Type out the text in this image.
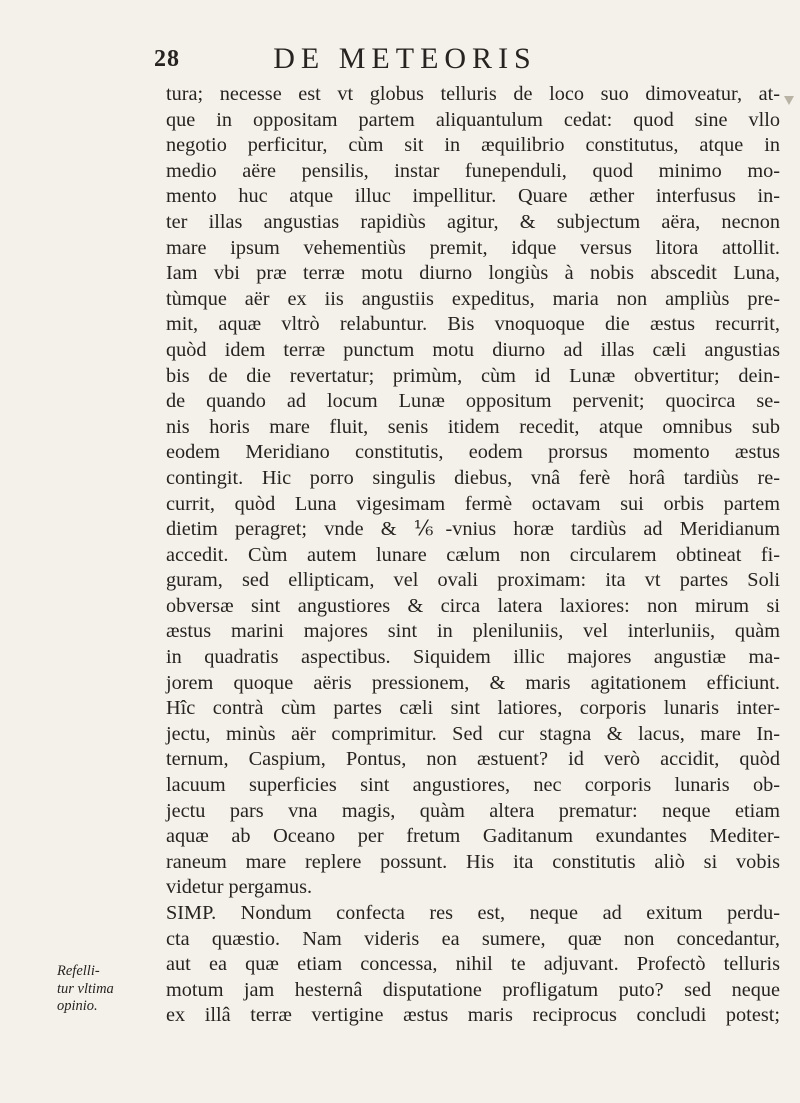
28	DE METEORIS
tura; necesse est vt globus telluris de loco suo dimoveatur, at-
que in oppositam partem aliquantulum cedat: quod sine vllo
negotio perficitur, cùm sit in æquilibrio constitutus, atque in
medio aëre pensilis, instar funependuli, quod minimo mo-
mento huc atque illuc impellitur. Quare æther interfusus in-
ter illas angustias rapidiùs agitur, & subjectum aëra, necnon
mare ipsum vehementiùs premit, idque versus litora attollit.
Iam vbi præ terræ motu diurno longiùs à nobis abscedit Luna,
tùmque aër ex iis angustiis expeditus, maria non ampliùs pre-
mit, aquæ vltrò relabuntur. Bis vnoquoque die æstus recurrit,
quòd idem terræ punctum motu diurno ad illas cæli angustias
bis de die revertatur; primùm, cùm id Lunæ obvertitur; dein-
de quando ad locum Lunæ oppositum pervenit; quocirca se-
nis horis mare fluit, senis itidem recedit, atque omnibus sub
eodem Meridiano constitutis, eodem prorsus momento æstus
contingit. Hic porro singulis diebus, vnâ ferè horâ tardiùs re-
currit, quòd Luna vigesimam fermè octavam sui orbis partem
dietim peragret; vnde & ⅙-vnius horæ tardiùs ad Meridianum
accedit. Cùm autem lunare cælum non circularem obtineat fi-
guram, sed ellipticam, vel ovali proximam: ita vt partes Soli
obversæ sint angustiores & circa latera laxiores: non mirum si
æstus marini majores sint in pleniluniis, vel interluniis, quàm
in quadratis aspectibus. Siquidem illic majores angustiæ ma-
jorem quoque aëris pressionem, & maris agitationem efficiunt.
Hîc contrà cùm partes cæli sint latiores, corporis lunaris inter-
jectu, minùs aër comprimitur. Sed cur stagna & lacus, mare In-
ternum, Caspium, Pontus, non æstuent? id verò accidit, quòd
lacuum superficies sint angustiores, nec corporis lunaris ob-
jectu pars vna magis, quàm altera prematur: neque etiam
aquæ ab Oceano per fretum Gaditanum exundantes Mediter-
raneum mare replere possunt. His ita constitutis aliò si vobis
videtur pergamus.
SIMP. Nondum confecta res est, neque ad exitum perdu-
cta quæstio. Nam videris ea sumere, quæ non concedantur,
aut ea quæ etiam concessa, nihil te adjuvant. Profectò telluris
motum jam hesternâ disputatione profligatum puto? sed neque
ex illâ terræ vertigine æstus maris reciprocus concludi potest;
Refelli-
tur vltima
opinio.
